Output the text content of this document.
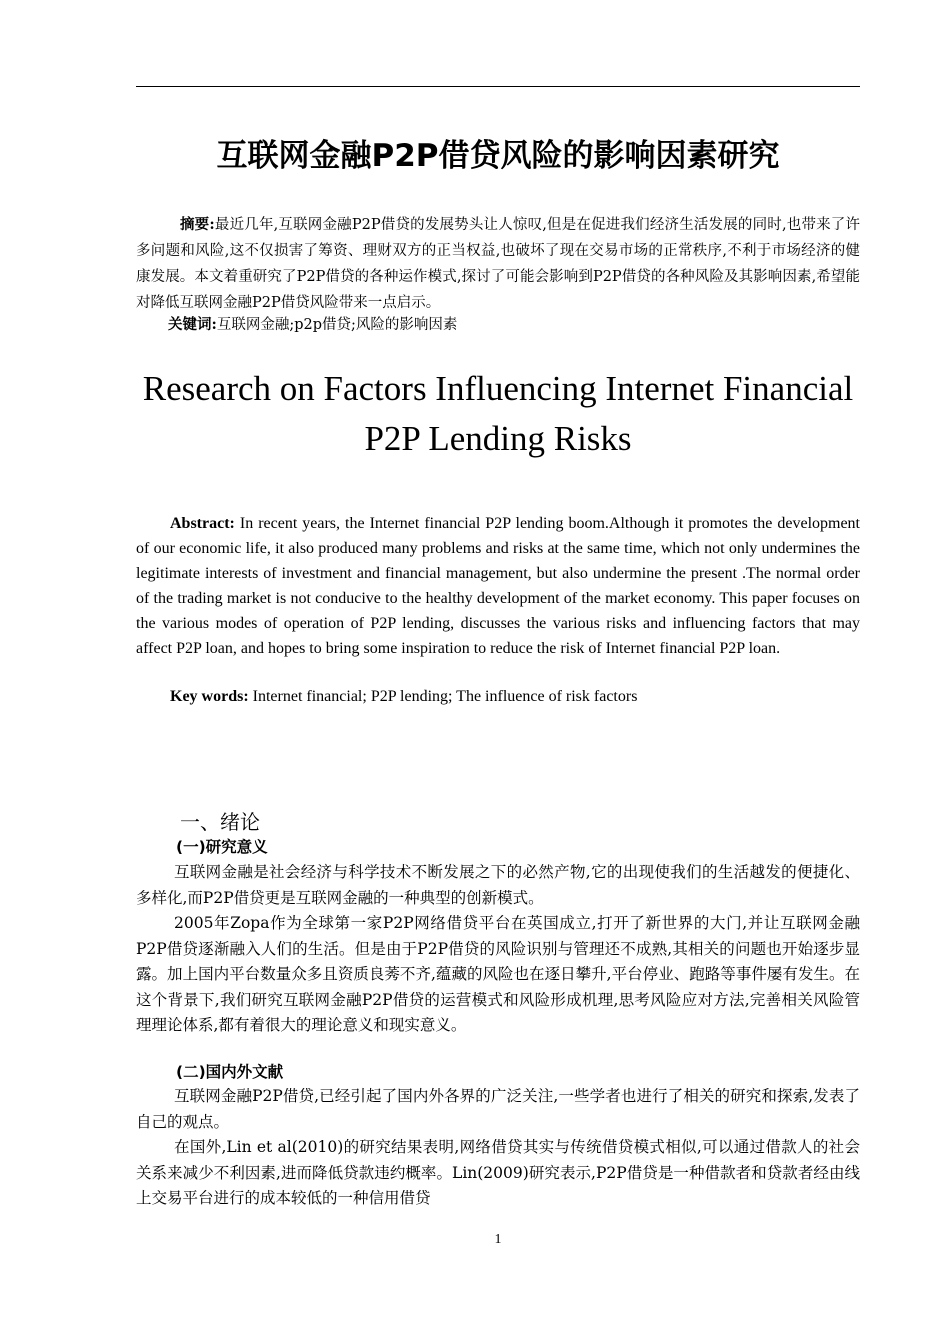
互联网金融P2P借贷风险的影响因素研究
摘要:最近几年,互联网金融P2P借贷的发展势头让人惊叹,但是在促进我们经济生活发展的同时,也带来了许多问题和风险,这不仅损害了筹资、理财双方的正当权益,也破坏了现在交易市场的正常秩序,不利于市场经济的健康发展。本文着重研究了P2P借贷的各种运作模式,探讨了可能会影响到P2P借贷的各种风险及其影响因素,希望能对降低互联网金融P2P借贷风险带来一点启示。
关键词:互联网金融;p2p借贷;风险的影响因素
Research on Factors Influencing Internet Financial P2P Lending Risks
Abstract: In recent years, the Internet financial P2P lending boom.Although it promotes the development of our economic life, it also produced many problems and risks at the same time, which not only undermines the legitimate interests of investment and financial management, but also undermine the present .The normal order of the trading market is not conducive to the healthy development of the market economy. This paper focuses on the various modes of operation of P2P lending, discusses the various risks and influencing factors that may affect P2P loan, and hopes to bring some inspiration to reduce the risk of Internet financial P2P loan.
Key words: Internet financial; P2P lending; The influence of risk factors
一、绪论
(一)研究意义

互联网金融是社会经济与科学技术不断发展之下的必然产物,它的出现使我们的生活越发的便捷化、多样化,而P2P借贷更是互联网金融的一种典型的创新模式。

2005年Zopa作为全球第一家P2P网络借贷平台在英国成立,打开了新世界的大门,并让互联网金融P2P借贷逐渐融入人们的生活。但是由于P2P借贷的风险识别与管理还不成熟,其相关的问题也开始逐步显露。加上国内平台数量众多且资质良莠不齐,蕴藏的风险也在逐日攀升,平台停业、跑路等事件屡有发生。在这个背景下,我们研究互联网金融P2P借贷的运营模式和风险形成机理,思考风险应对方法,完善相关风险管理理论体系,都有着很大的理论意义和现实意义。

(二)国内外文献

互联网金融P2P借贷,已经引起了国内外各界的广泛关注,一些学者也进行了相关的研究和探索,发表了自己的观点。

在国外,Lin et al(2010)的研究结果表明,网络借贷其实与传统借贷模式相似,可以通过借款人的社会关系来减少不利因素,进而降低贷款违约概率。Lin(2009)研究表示,P2P借贷是一种借款者和贷款者经由线上交易平台进行的成本较低的一种信用借贷

1
